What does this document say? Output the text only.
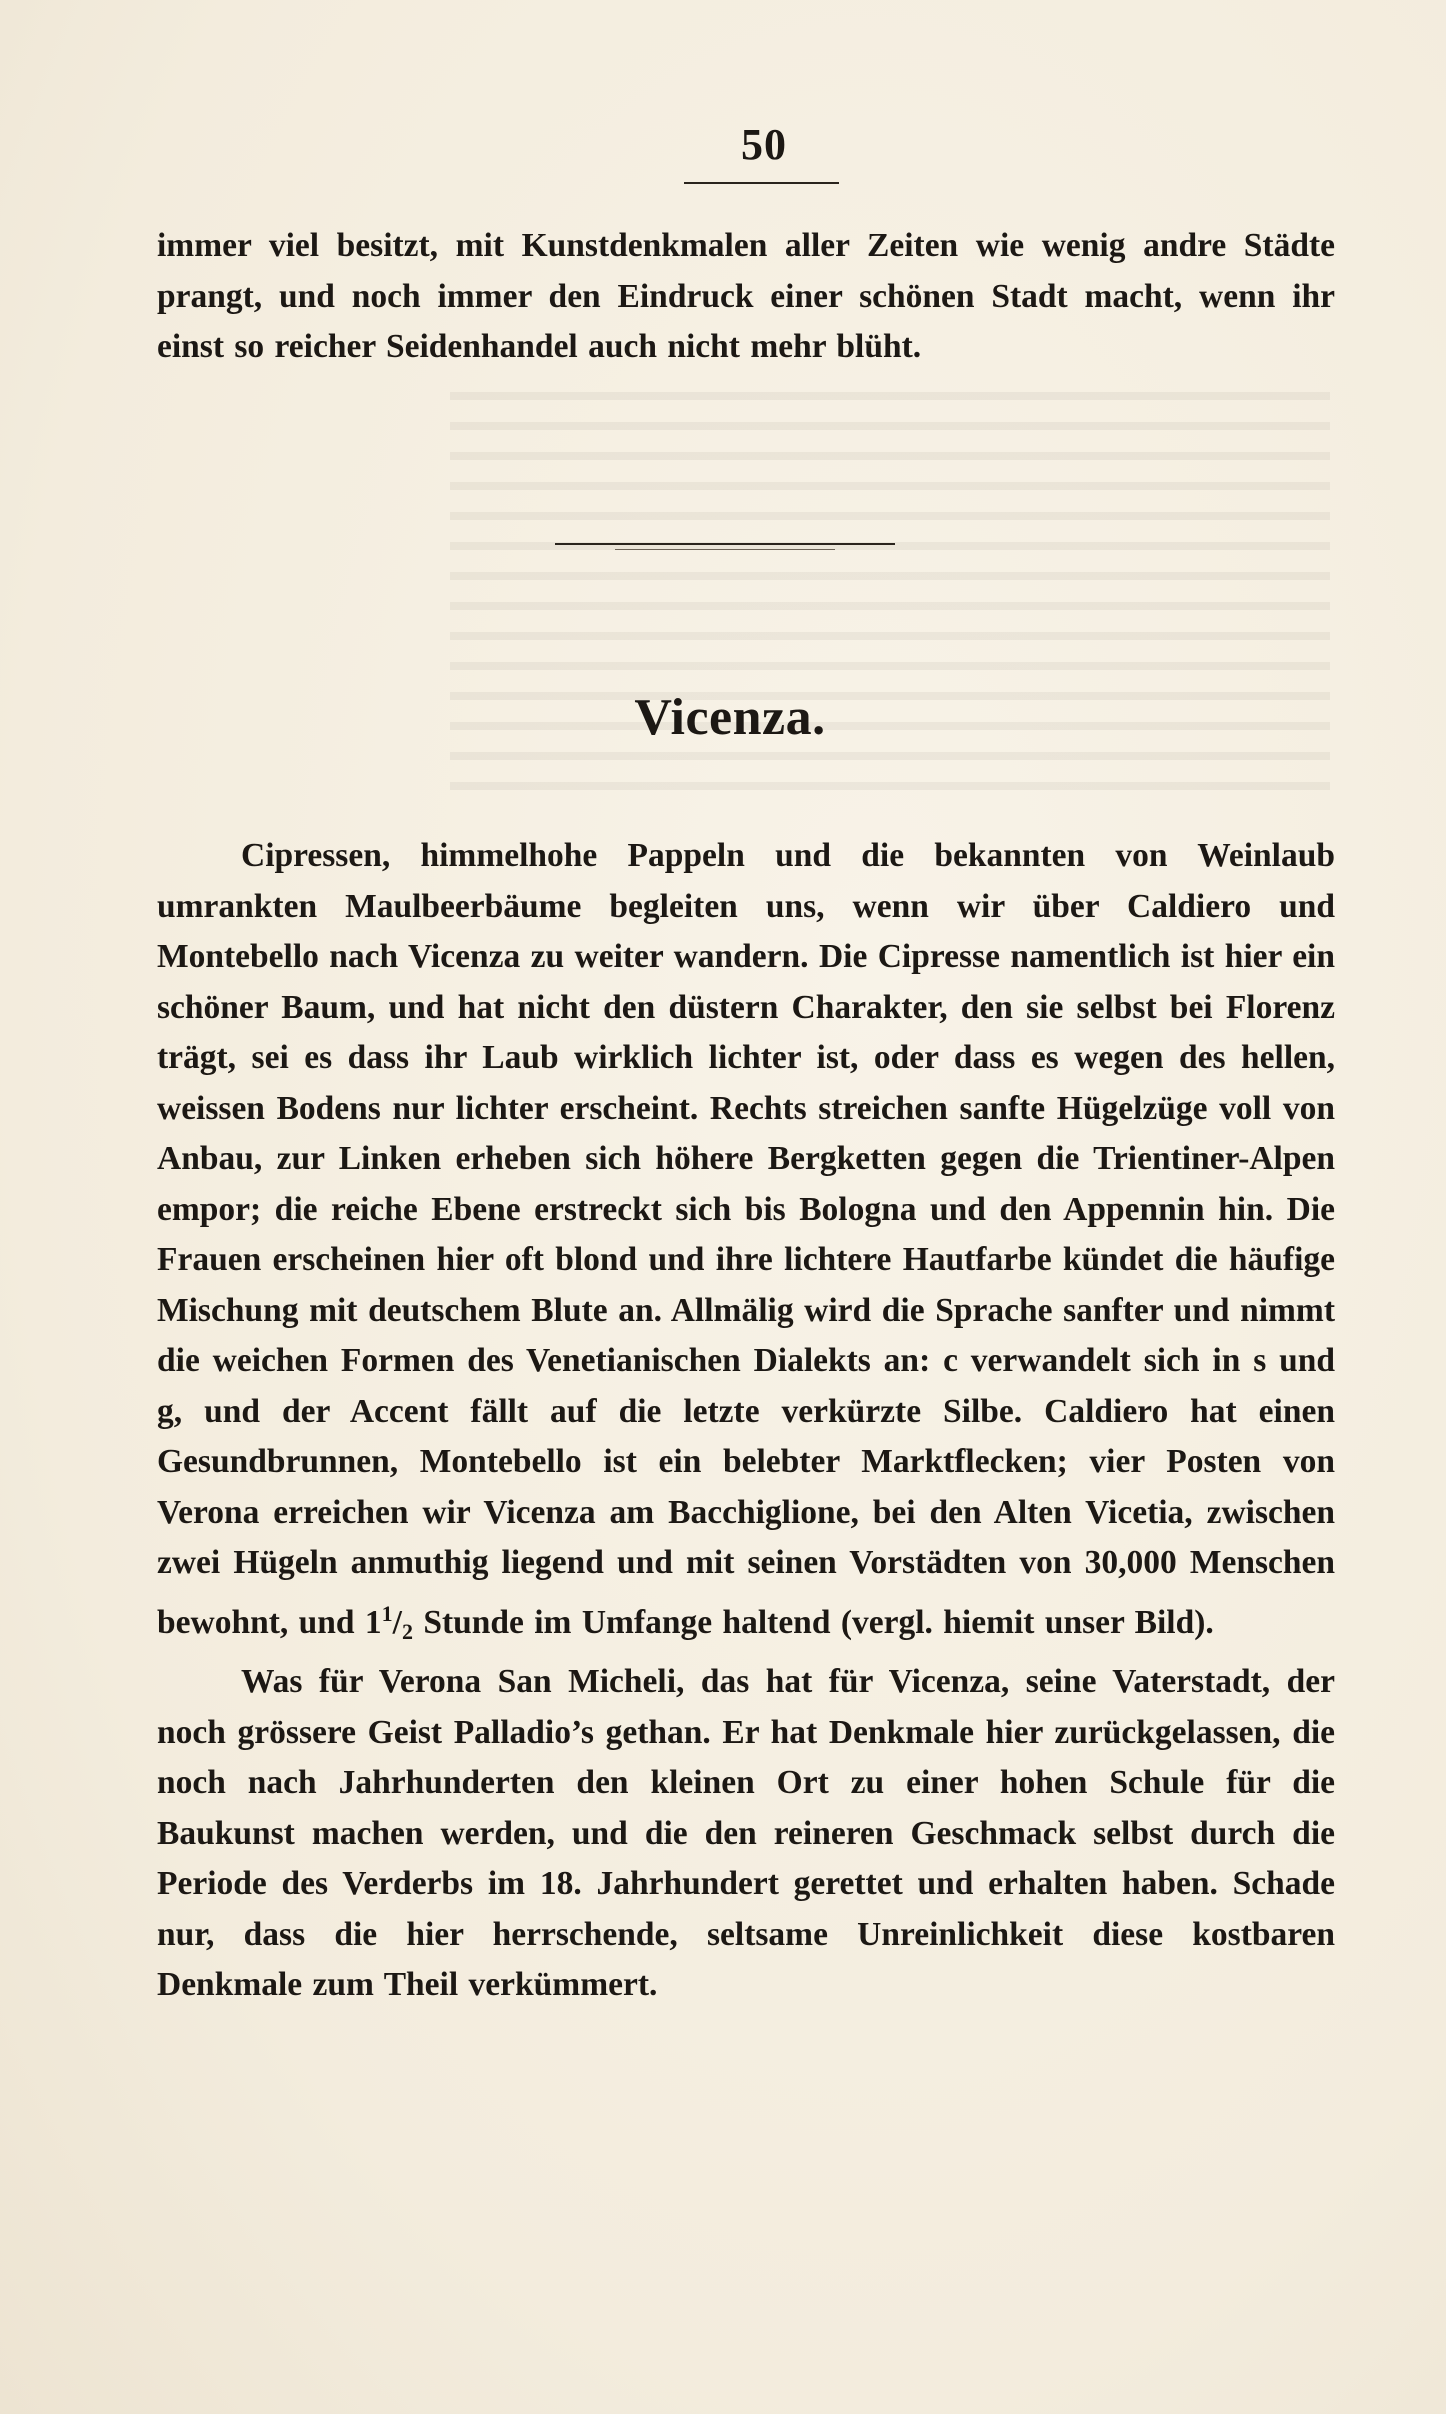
50

immer viel besitzt, mit Kunstdenkmalen aller Zeiten wie wenig andre Städte prangt, und noch immer den Eindruck einer schönen Stadt macht, wenn ihr einst so reicher Seidenhandel auch nicht mehr blüht.

Vicenza.

Cipressen, himmelhohe Pappeln und die bekannten von Weinlaub umrankten Maulbeerbäume begleiten uns, wenn wir über Caldiero und Montebello nach Vicenza zu weiter wandern. Die Cipresse namentlich ist hier ein schöner Baum, und hat nicht den düstern Charakter, den sie selbst bei Florenz trägt, sei es dass ihr Laub wirklich lichter ist, oder dass es wegen des hellen, weissen Bodens nur lichter erscheint. Rechts streichen sanfte Hügelzüge voll von Anbau, zur Linken erheben sich höhere Bergketten gegen die Trientiner-Alpen empor; die reiche Ebene erstreckt sich bis Bologna und den Appennin hin. Die Frauen erscheinen hier oft blond und ihre lichtere Hautfarbe kündet die häufige Mischung mit deutschem Blute an. Allmälig wird die Sprache sanfter und nimmt die weichen Formen des Venetianischen Dialekts an: c verwandelt sich in s und g, und der Accent fällt auf die letzte verkürzte Silbe. Caldiero hat einen Gesundbrunnen, Montebello ist ein belebter Marktflecken; vier Posten von Verona erreichen wir Vicenza am Bacchiglione, bei den Alten Vicetia, zwischen zwei Hügeln anmuthig liegend und mit seinen Vorstädten von 30,000 Menschen bewohnt, und $1^1/_2$ Stunde im Umfange haltend (vergl. hiemit unser Bild).

Was für Verona San Micheli, das hat für Vicenza, seine Vaterstadt, der noch grössere Geist Palladio’s gethan. Er hat Denkmale hier zurückgelassen, die noch nach Jahrhunderten den kleinen Ort zu einer hohen Schule für die Baukunst machen werden, und die den reineren Geschmack selbst durch die Periode des Verderbs im 18. Jahrhundert gerettet und erhalten haben. Schade nur, dass die hier herrschende, seltsame Unreinlichkeit diese kostbaren Denkmale zum Theil verkümmert.
